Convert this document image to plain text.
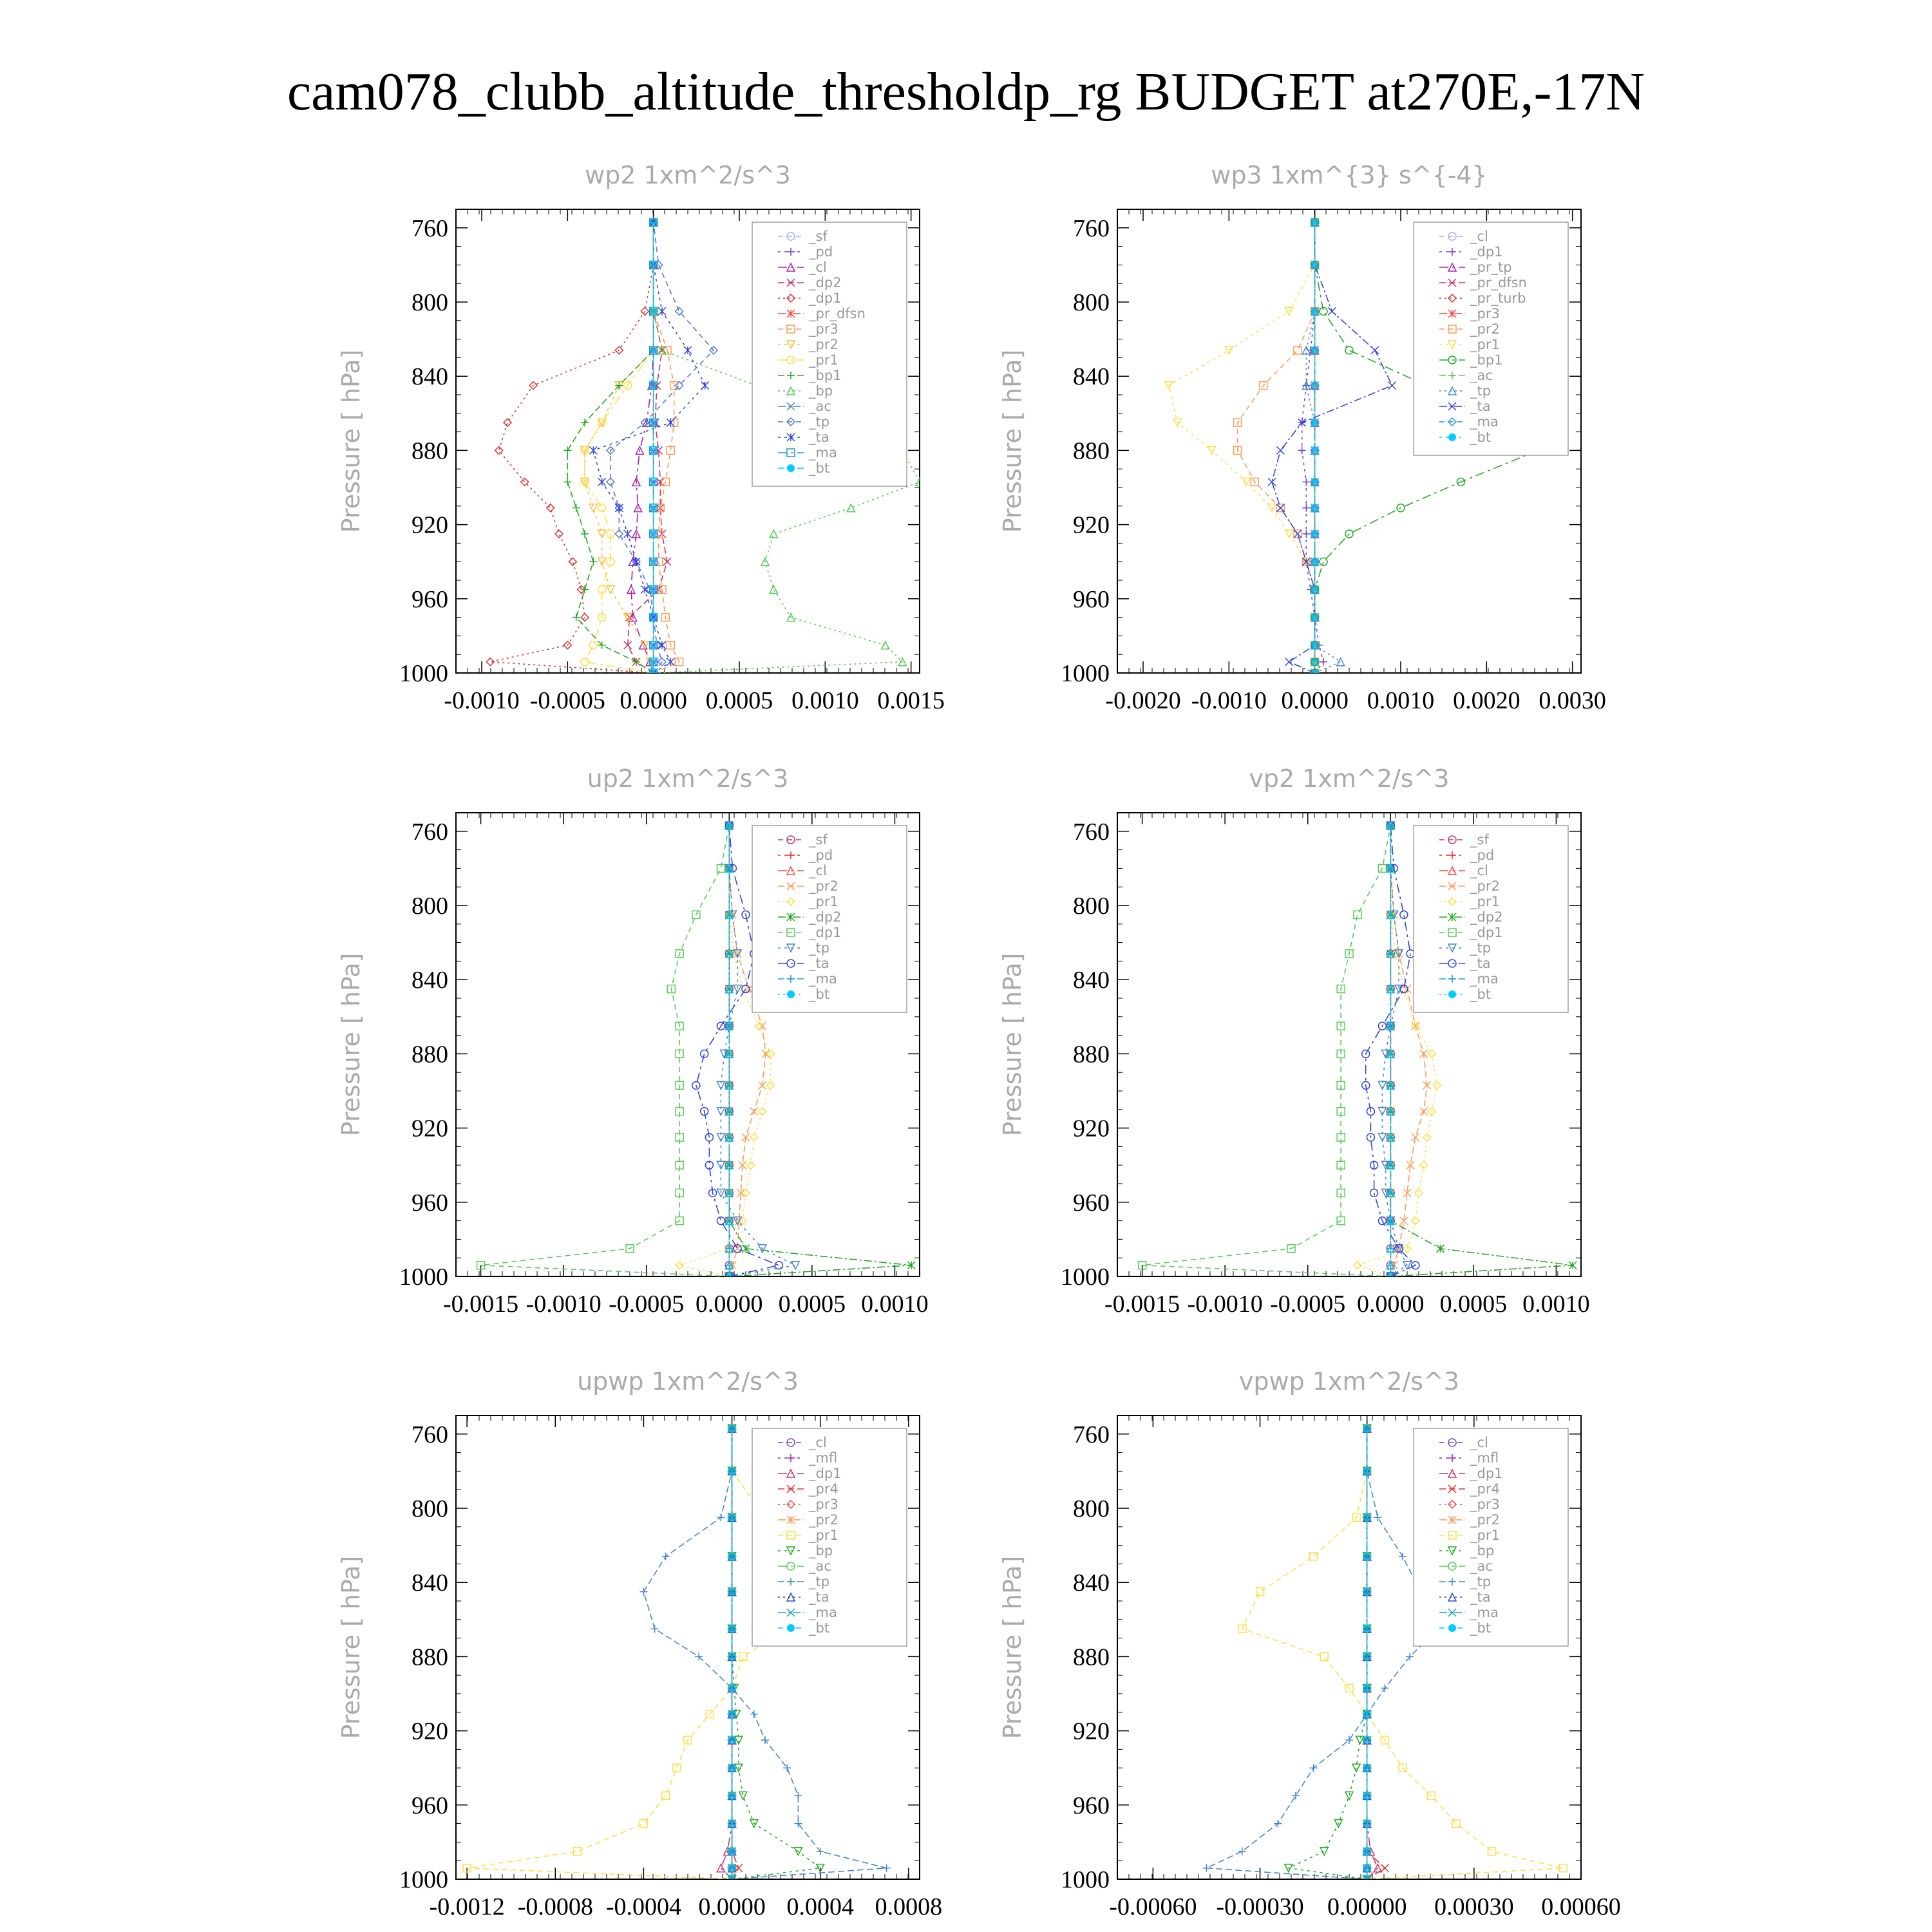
cam078_clubb_altitude_thresholdp_rg BUDGET at270E,-17N
wp2 1xm^2/s^3
Pressure [ hPa]
760
800
840
880
920
960
1000
-0.0010 -0.0005 0.0000 0.0005 0.0010 0.0015
_sf
_pd
_cl
_dp2
_dp1
_pr_dfsn
_pr3
_pr2
_pr1
_bp1
_bp
_ac
_tp
_ta
_ma
_bt
wp3 1xm^{3} s^{-4}
Pressure [ hPa]
760
800
840
880
920
960
1000
-0.0020 -0.0010 0.0000 0.0010 0.0020 0.0030
_cl
_dp1
_pr_tp
_pr_dfsn
_pr_turb
_pr3
_pr2
_pr1
_bp1
_ac
_tp
_ta
_ma
_bt
up2 1xm^2/s^3
Pressure [ hPa]
760
800
840
880
920
960
1000
-0.0015 -0.0010 -0.0005 0.0000 0.0005 0.0010
_sf
_pd
_cl
_pr2
_pr1
_dp2
_dp1
_tp
_ta
_ma
_bt
vp2 1xm^2/s^3
Pressure [ hPa]
760
800
840
880
920
960
1000
-0.0015 -0.0010 -0.0005 0.0000 0.0005 0.0010
_sf
_pd
_cl
_pr2
_pr1
_dp2
_dp1
_tp
_ta
_ma
_bt
upwp 1xm^2/s^3
Pressure [ hPa]
760
800
840
880
920
960
1000
-0.0012 -0.0008 -0.0004 0.0000 0.0004 0.0008
_cl
_mfl
_dp1
_pr4
_pr3
_pr2
_pr1
_bp
_ac
_tp
_ta
_ma
_bt
vpwp 1xm^2/s^3
Pressure [ hPa]
760
800
840
880
920
960
1000
-0.00060 -0.00030 0.00000 0.00030 0.00060
_cl
_mfl
_dp1
_pr4
_pr3
_pr2
_pr1
_bp
_ac
_tp
_ta
_ma
_bt
